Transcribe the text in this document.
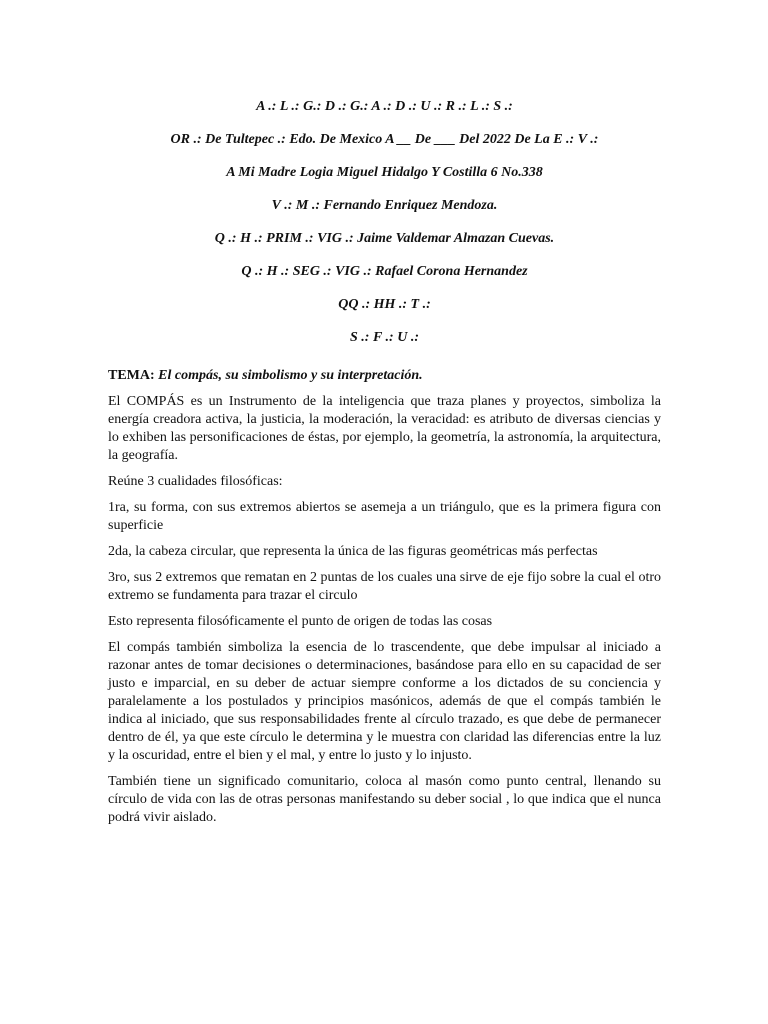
A .: L .: G.: D .: G.: A .: D .: U .: R .: L .: S .:
OR .: De Tultepec .: Edo. De Mexico A __ De ___ Del 2022 De La E .: V .:
A Mi Madre Logia Miguel Hidalgo Y Costilla 6 No.338
V .: M .: Fernando Enriquez Mendoza.
Q .: H .: PRIM .: VIG .: Jaime Valdemar Almazan Cuevas.
Q .: H .: SEG .: VIG .: Rafael Corona Hernandez
QQ .: HH .: T .:
S .: F .: U .:
TEMA: El compás, su simbolismo y su interpretación.

El COMPÁS es un Instrumento de la inteligencia que traza planes y proyectos, simboliza la energía creadora activa, la justicia, la moderación, la veracidad: es atributo de diversas ciencias y lo exhiben las personificaciones de éstas, por ejemplo, la geometría, la astronomía, la arquitectura, la geografía.

Reúne 3 cualidades filosóficas:

1ra, su forma, con sus extremos abiertos se asemeja a un triángulo, que es la primera figura con superficie

2da, la cabeza circular, que representa la única de las figuras geométricas más perfectas

3ro, sus 2 extremos que rematan en 2 puntas de los cuales una sirve de eje fijo sobre la cual el otro extremo se fundamenta para trazar el circulo

Esto representa filosóficamente el punto de origen de todas las cosas

El compás también simboliza la esencia de lo trascendente, que debe impulsar al iniciado a razonar antes de tomar decisiones o determinaciones, basándose para ello en su capacidad de ser justo e imparcial, en su deber de actuar siempre conforme a los dictados de su conciencia y paralelamente a los postulados y principios masónicos, además de que el compás también le indica al iniciado, que sus responsabilidades frente al círculo trazado, es que debe de permanecer dentro de él, ya que este círculo le determina y le muestra con claridad las diferencias entre la luz y la oscuridad, entre el bien y el mal, y entre lo justo y lo injusto.

También tiene un significado comunitario, coloca al masón como punto central, llenando su círculo de vida con las de otras personas manifestando su deber social , lo que indica que el nunca podrá vivir aislado.
